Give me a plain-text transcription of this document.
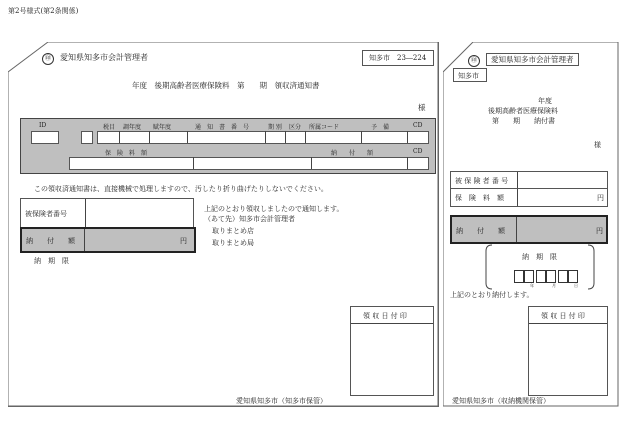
第2号様式(第2条関係)
㊞ 愛知県知多市会計管理者	知多市　23―224
年度　後期高齢者医療保険料　第　　期　領収済通知書
様
ID	税目 調年度 賦年度	通　知　書　番　号	期 別 区分 所属コード	予　備	CD
保　険　料　額	納　　付　　額	CD
この領収済通知書は、直接機械で処理しますので、汚したり折り曲げたりしないでください。
被保険者番号
納　　付　　額	円
納　期　限
上記のとおり領収しましたので通知します。
（あて先）知多市会計管理者
取りまとめ店
取りまとめ局
領 収 日 付 印
愛知県知多市（知多市保管）
㊞ 愛知県知多市会計管理者
知多市
年度
後期高齢者医療保険料
第　　期　　納付書
様
被 保 険 者 番 号
保　険　料　額	円
納　　付　　額	円
納　期　限
年	月	日
上記のとおり納付します。
領 収 日 付 印
愛知県知多市（収納機関保管）
